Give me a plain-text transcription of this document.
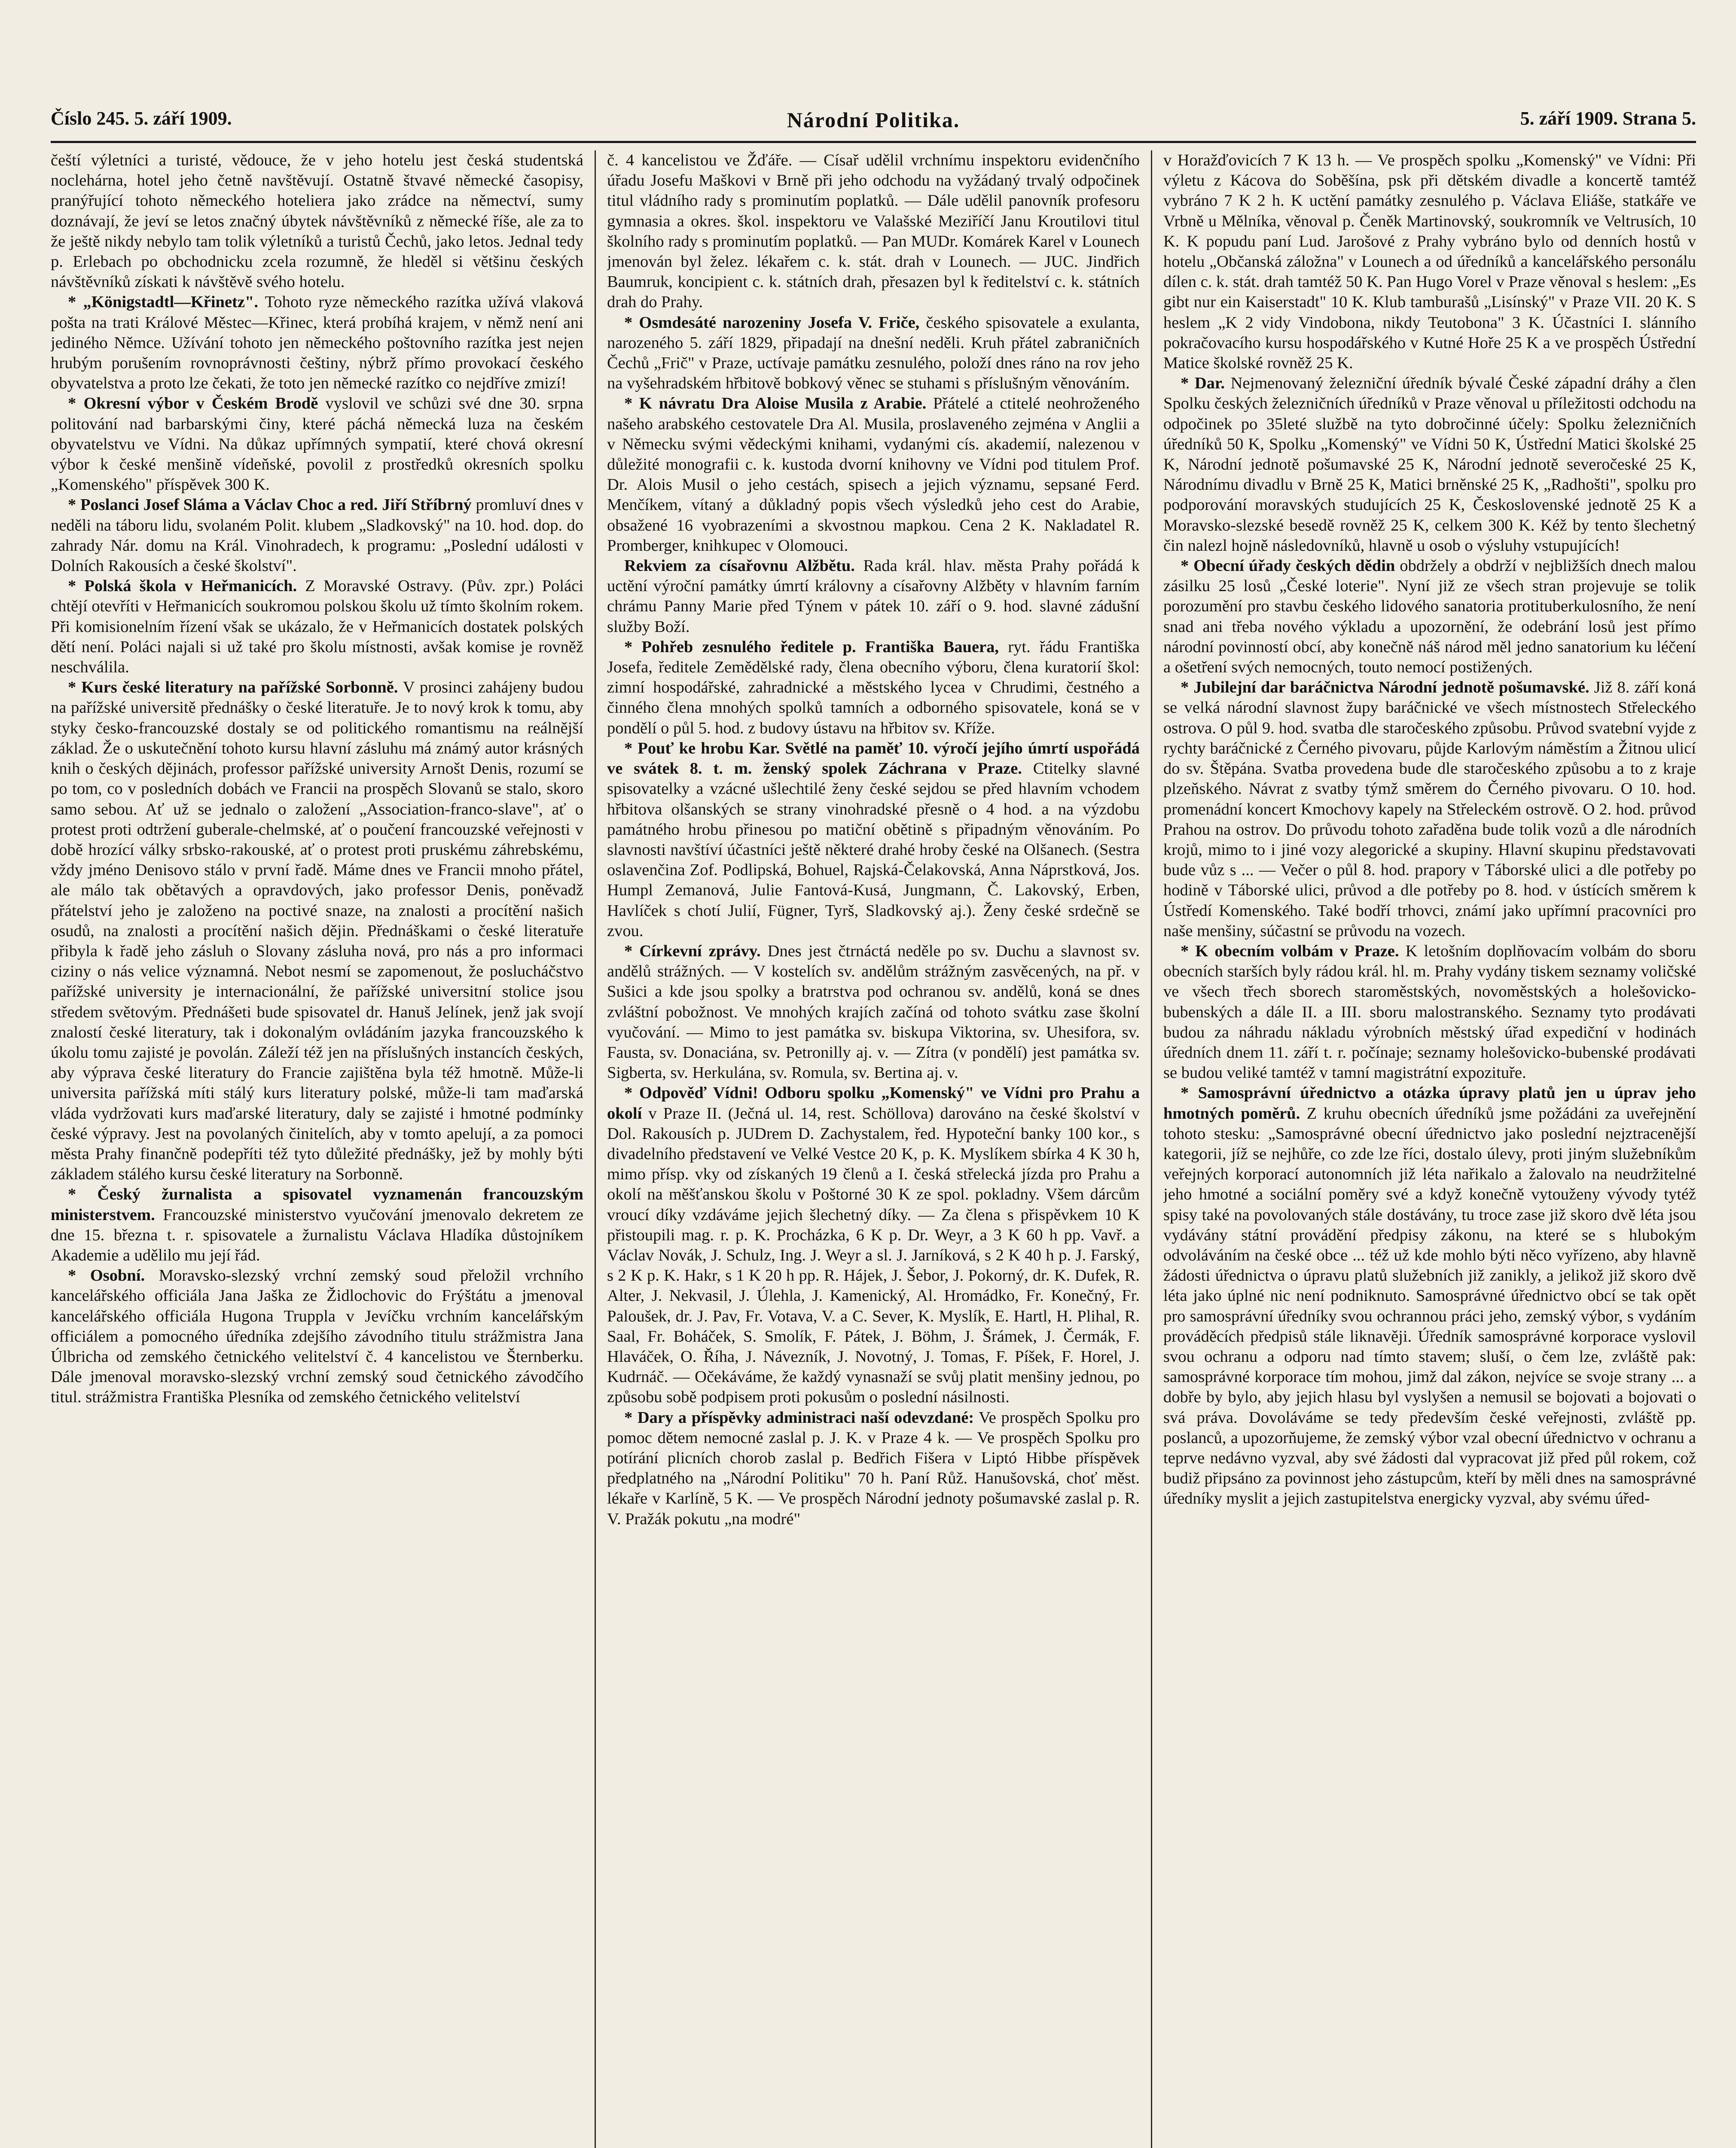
Číslo 245. 5. září 1909.	Národní Politika.	5. září 1909. Strana 5.

čeští výletníci a turisté, vědouce, že v jeho hotelu jest česká studentská noclehárna, hotel jeho četně navštěvují. Ostatně štvavé německé časopisy, pranýřující tohoto německého hoteliera jako zrádce na němectví, sumy doznávají, že jeví se letos značný úbytek návštěvníků z německé říše, ale za to že ještě nikdy nebylo tam tolik výletníků a turistů Čechů, jako letos. Jednal tedy p. Erlebach po obchodnicku zcela rozumně, že hleděl si většinu českých návštěvníků získati k návštěvě svého hotelu.

* „Königstadtl—Křinetz". Tohoto ryze německého razítka užívá vlaková pošta na trati Králové Městec—Křinec, která probíhá krajem, v němž není ani jediného Němce. Užívání tohoto jen německého poštovního razítka jest nejen hrubým porušením rovnoprávnosti češtiny, nýbrž přímo provokací českého obyvatelstva a proto lze čekati, že toto jen německé razítko co nejdříve zmizí!

* Okresní výbor v Českém Brodě vyslovil ve schůzi své dne 30. srpna politování nad barbarskými činy, které páchá německá luza na českém obyvatelstvu ve Vídni. Na důkaz upřímných sympatií, které chová okresní výbor k české menšině vídeňské, povolil z prostředků okresních spolku „Komenského" příspěvek 300 K.

* Poslanci Josef Sláma a Václav Choc a red. Jiří Stříbrný promluví dnes v neděli na táboru lidu, svolaném Polit. klubem „Sladkovský" na 10. hod. dop. do zahrady Nár. domu na Král. Vinohradech, k programu: „Poslední události v Dolních Rakousích a české školství".

* Polská škola v Heřmanicích. Z Moravské Ostravy. (Pův. zpr.) Poláci chtějí otevříti v Heřmanicích soukromou polskou školu už tímto školním rokem. Při komisionelním řízení však se ukázalo, že v Heřmanicích dostatek polských dětí není. Poláci najali si už také pro školu místnosti, avšak komise je rovněž neschválila.

* Kurs české literatury na pařížské Sorbonně. V prosinci zahájeny budou na pařížské universitě přednášky o české literatuře. Je to nový krok k tomu, aby styky česko-francouzské dostaly se od politického romantismu na reálnější základ. Že o uskutečnění tohoto kursu hlavní zásluhu má známý autor krásných knih o českých dějinách, professor pařížské university Arnošt Denis, rozumí se po tom, co v posledních dobách ve Francii na prospěch Slovanů se stalo, skoro samo sebou. Ať už se jednalo o založení „Association-franco-slave", ať o protest proti odtržení guberale-chelmské, ať o poučení francouzské veřejnosti v době hrozící války srbsko-rakouské, ať o protest proti pruskému záhrebskému, vždy jméno Denisovo stálo v první řadě. Máme dnes ve Francii mnoho přátel, ale málo tak obětavých a opravdových, jako professor Denis, poněvadž přátelství jeho je založeno na poctivé snaze, na znalosti a procítění našich osudů, na znalosti a procítění našich dějin. Přednáškami o české literatuře přibyla k řadě jeho zásluh o Slovany zásluha nová, pro nás a pro informaci ciziny o nás velice významná. Nebot nesmí se zapomenout, že poslucháčstvo pařížské university je internacionální, že pařížské universitní stolice jsou středem světovým. Přednášeti bude spisovatel dr. Hanuš Jelínek, jenž jak svojí znalostí české literatury, tak i dokonalým ovládáním jazyka francouzského k úkolu tomu zajisté je povolán. Záleží též jen na příslušných instancích českých, aby výprava české literatury do Francie zajištěna byla též hmotně. Může-li universita pařížská míti stálý kurs literatury polské, může-li tam maďarská vláda vydržovati kurs maďarské literatury, daly se zajisté i hmotné podmínky české výpravy. Jest na povolaných činitelích, aby v tomto apelují, a za pomoci města Prahy finančně podepříti též tyto důležité přednášky, jež by mohly býti základem stálého kursu české literatury na Sorbonně.

* Český žurnalista a spisovatel vyznamenán francouzským ministerstvem. Francouzské ministerstvo vyučování jmenovalo dekretem ze dne 15. března t. r. spisovatele a žurnalistu Václava Hladíka důstojníkem Akademie a udělilo mu její řád.

* Osobní. Moravsko-slezský vrchní zemský soud přeložil vrchního kancelářského officiála Jana Jaška ze Židlochovic do Frýštátu a jmenoval kancelářského officiála Hugona Truppla v Jevíčku vrchním kancelářským officiálem a pomocného úředníka zdejšího závodního titulu strážmistra Jana Úlbricha od zemského četnického velitelství č. 4 kancelistou ve Šternberku. Dále jmenoval moravsko-slezský vrchní zemský soud četnického závodčího titul. strážmistra Františka Plesníka od zemského četnického velitelství

č. 4 kancelistou ve Žďáře. — Císař udělil vrchnímu inspektoru evidenčního úřadu Josefu Maškovi v Brně při jeho odchodu na vyžádaný trvalý odpočinek titul vládního rady s prominutím poplatků. — Dále udělil panovník profesoru gymnasia a okres. škol. inspektoru ve Valašské Meziříčí Janu Kroutilovi titul školního rady s prominutím poplatků. — Pan MUDr. Komárek Karel v Lounech jmenován byl želez. lékařem c. k. stát. drah v Lounech. — JUC. Jindřich Baumruk, koncipient c. k. státních drah, přesazen byl k ředitelství c. k. státních drah do Prahy.

* Osmdesáté narozeniny Josefa V. Friče, českého spisovatele a exulanta, narozeného 5. září 1829, připadají na dnešní neděli. Kruh přátel zabraničních Čechů „Frič" v Praze, uctívaje památku zesnulého, položí dnes ráno na rov jeho na vyšehradském hřbitově bobkový věnec se stuhami s příslušným věnováním.

* K návratu Dra Aloise Musila z Arabie. Přátelé a ctitelé neohroženého našeho arabského cestovatele Dra Al. Musila, proslaveného zejména v Anglii a v Německu svými vědeckými knihami, vydanými cís. akademií, nalezenou v důležité monografii c. k. kustoda dvorní knihovny ve Vídni pod titulem Prof. Dr. Alois Musil o jeho cestách, spisech a jejich významu, sepsané Ferd. Menčíkem, vítaný a důkladný popis všech výsledků jeho cest do Arabie, obsažené 16 vyobrazeními a skvostnou mapkou. Cena 2 K. Nakladatel R. Promberger, knihkupec v Olomouci.

Rekviem za císařovnu Alžbětu. Rada král. hlav. města Prahy pořádá k uctění výroční památky úmrtí královny a císařovny Alžběty v hlavním farním chrámu Panny Marie před Týnem v pátek 10. září o 9. hod. slavné zádušní služby Boží.

* Pohřeb zesnulého ředitele p. Františka Bauera, ryt. řádu Františka Josefa, ředitele Zemědělské rady, člena obecního výboru, člena kuratorií škol: zimní hospodářské, zahradnické a městského lycea v Chrudimi, čestného a činného člena mnohých spolků tamních a odborného spisovatele, koná se v pondělí o půl 5. hod. z budovy ústavu na hřbitov sv. Kříže.

* Pouť ke hrobu Kar. Světlé na paměť 10. výročí jejího úmrtí uspořádá ve svátek 8. t. m. ženský spolek Záchrana v Praze. Ctitelky slavné spisovatelky a vzácné ušlechtilé ženy české sejdou se před hlavním vchodem hřbitova olšanských se strany vinohradské přesně o 4 hod. a na výzdobu památného hrobu přinesou po matiční obětině s připadným věnováním. Po slavnosti navštíví účastníci ještě některé drahé hroby české na Olšanech. (Sestra oslavenčina Zof. Podlipská, Bohuel, Rajská-Čelakovská, Anna Náprstková, Jos. Humpl Zemanová, Julie Fantová-Kusá, Jungmann, Č. Lakovský, Erben, Havlíček s chotí Julií, Fügner, Tyrš, Sladkovský aj.). Ženy české srdečně se zvou.

* Církevní zprávy. Dnes jest čtrnáctá neděle po sv. Duchu a slavnost sv. andělů strážných. — V kostelích sv. andělům strážným zasvěcených, na př. v Sušici a kde jsou spolky a bratrstva pod ochranou sv. andělů, koná se dnes zvláštní pobožnost. Ve mnohých krajích začíná od tohoto svátku zase školní vyučování. — Mimo to jest památka sv. biskupa Viktorina, sv. Uhesifora, sv. Fausta, sv. Donaciána, sv. Petronilly aj. v. — Zítra (v pondělí) jest památka sv. Sigberta, sv. Herkulána, sv. Romula, sv. Bertina aj. v.

* Odpověď Vídni! Odboru spolku „Komenský" ve Vídni pro Prahu a okolí v Praze II. (Ječná ul. 14, rest. Schöllova) darováno na české školství v Dol. Rakousích p. JUDrem D. Zachystalem, řed. Hypoteční banky 100 kor., s divadelního představení ve Velké Vestce 20 K, p. K. Myslíkem sbírka 4 K 30 h, mimo přísp. vky od získaných 19 členů a I. česká střelecká jízda pro Prahu a okolí na měšťanskou školu v Poštorné 30 K ze spol. pokladny. Všem dárcům vroucí díky vzdáváme jejich šlechetný díky. — Za člena s přispěvkem 10 K přistoupili mag. r. p. K. Procházka, 6 K p. Dr. Weyr, a 3 K 60 h pp. Vavř. a Václav Novák, J. Schulz, Ing. J. Weyr a sl. J. Jarníková, s 2 K 40 h p. J. Farský, s 2 K p. K. Hakr, s 1 K 20 h pp. R. Hájek, J. Šebor, J. Pokorný, dr. K. Dufek, R. Alter, J. Nekvasil, J. Úlehla, J. Kamenický, Al. Hromádko, Fr. Konečný, Fr. Paloušek, dr. J. Pav, Fr. Votava, V. a C. Sever, K. Myslík, E. Hartl, H. Plihal, R. Saal, Fr. Boháček, S. Smolík, F. Pátek, J. Böhm, J. Šrámek, J. Čermák, F. Hlaváček, O. Říha, J. Návezník, J. Novotný, J. Tomas, F. Píšek, F. Horel, J. Kudrnáč. — Očekáváme, že každý vynasnaží se svůj platit menšiny jednou, po způsobu sobě podpisem proti pokusům o poslední násilnosti.

* Dary a příspěvky administraci naší odevzdané: Ve prospěch Spolku pro pomoc dětem nemocné zaslal p. J. K. v Praze 4 k. — Ve prospěch Spolku pro potírání plicních chorob zaslal p. Bedřich Fišera v Liptó Hibbe příspěvek předplatného na „Národní Politiku" 70 h. Paní Růž. Hanušovská, choť měst. lékaře v Karlíně, 5 K. — Ve prospěch Národní jednoty pošumavské zaslal p. R. V. Pražák pokutu „na modré"

v Horažďovicích 7 K 13 h. — Ve prospěch spolku „Komenský" ve Vídni: Při výletu z Kácova do Soběšína, psk při dětském divadle a koncertě tamtéž vybráno 7 K 2 h. K uctění památky zesnulého p. Václava Eliáše, statkáře ve Vrbně u Mělníka, věnoval p. Čeněk Martinovský, soukromník ve Veltrusích, 10 K. K popudu paní Lud. Jarošové z Prahy vybráno bylo od denních hostů v hotelu „Občanská záložna" v Lounech a od úředníků a kancelářského personálu dílen c. k. stát. drah tamtéž 50 K. Pan Hugo Vorel v Praze věnoval s heslem: „Es gibt nur ein Kaiserstadt" 10 K. Klub tamburašů „Lisínský" v Praze VII. 20 K. S heslem „K 2 vidy Vindobona, nikdy Teutobona" 3 K. Účastníci I. slánního pokračovacího kursu hospodářského v Kutné Hoře 25 K a ve prospěch Ústřední Matice školské rovněž 25 K.

* Dar. Nejmenovaný železniční úředník bývalé České západní dráhy a člen Spolku českých železničních úředníků v Praze věnoval u příležitosti odchodu na odpočinek po 35leté službě na tyto dobročinné účely: Spolku železničních úředníků 50 K, Spolku „Komenský" ve Vídni 50 K, Ústřední Matici školské 25 K, Národní jednotě pošumavské 25 K, Národní jednotě severočeské 25 K, Národnímu divadlu v Brně 25 K, Matici brněnské 25 K, „Radhošti", spolku pro podporování moravských studujících 25 K, Československé jednotě 25 K a Moravsko-slezské besedě rovněž 25 K, celkem 300 K. Kéž by tento šlechetný čin nalezl hojně následovníků, hlavně u osob o výsluhy vstupujících!

* Obecní úřady českých dědin obdržely a obdrží v nejbližších dnech malou zásilku 25 losů „České loterie". Nyní již ze všech stran projevuje se tolik porozumění pro stavbu českého lidového sanatoria protituberkulosního, že není snad ani třeba nového výkladu a upozornění, že odebrání losů jest přímo národní povinností obcí, aby konečně náš národ měl jedno sanatorium ku léčení a ošetření svých nemocných, touto nemocí postižených.

* Jubilejní dar baráčnictva Národní jednotě pošumavské. Již 8. září koná se velká národní slavnost župy baráčnické ve všech místnostech Střeleckého ostrova. O půl 9. hod. svatba dle staročeského způsobu. Průvod svatební vyjde z rychty baráčnické z Černého pivovaru, půjde Karlovým náměstím a Žitnou ulicí do sv. Štěpána. Svatba provedena bude dle staročeského způsobu a to z kraje plzeňského. Návrat z svatby týmž směrem do Černého pivovaru. O 10. hod. promenádní koncert Kmochovy kapely na Střeleckém ostrově. O 2. hod. průvod Prahou na ostrov. Do průvodu tohoto zařaděna bude tolik vozů a dle národních krojů, mimo to i jiné vozy alegorické a skupiny. Hlavní skupinu představovati bude vůz s ... — Večer o půl 8. hod. prapory v Táborské ulici a dle potřeby po hodině v Táborské ulici, průvod a dle potřeby po 8. hod. v ústících směrem k Ústředí Komenského. Také bodří trhovci, známí jako upřímní pracovníci pro naše menšiny, súčastní se průvodu na vozech.

* K obecním volbám v Praze. K letošním doplňovacím volbám do sboru obecních starších byly rádou král. hl. m. Prahy vydány tiskem seznamy voličské ve všech třech sborech staroměstských, novoměstských a holešovicko-bubenských a dále II. a III. sboru malostranského. Seznamy tyto prodávati budou za náhradu nákladu výrobních městský úřad expediční v hodinách úředních dnem 11. září t. r. počínaje; seznamy holešovicko-bubenské prodávati se budou veliké tamtéž v tamní magistrátní expozituře.

* Samosprávní úřednictvo a otázka úpravy platů jen u úprav jeho hmotných poměrů. Z kruhu obecních úředníků jsme požádáni za uveřejnění tohoto stesku: „Samosprávné obecní úřednictvo jako poslední nejztracenější kategorii, jíž se nejhůře, co zde lze říci, dostalo úlevy, proti jiným služebníkům veřejných korporací autonomních již léta nařikalo a žalovalo na neudržitelné jeho hmotné a sociální poměry své a když konečně vytouženy vývody tytéž spisy také na povolovaných stále dostávány, tu troce zase již skoro dvě léta jsou vydávány státní provádění předpisy zákonu, na které se s hlubokým odvoláváním na české obce ... též už kde mohlo býti něco vyřízeno, aby hlavně žádosti úřednictva o úpravu platů služebních již zanikly, a jelikož již skoro dvě léta jako úplné nic není podniknuto. Samosprávné úřednictvo obcí se tak opět pro samosprávní úředníky svou ochrannou práci jeho, zemský výbor, s vydáním prováděcích předpisů stále liknavěji. Úředník samosprávné korporace vyslovil svou ochranu a odporu nad tímto stavem; sluší, o čem lze, zvláště pak: samosprávné korporace tím mohou, jimž dal zákon, nejvíce se svoje strany ... a dobře by bylo, aby jejich hlasu byl vyslyšen a nemusil se bojovati a bojovati o svá práva. Dovoláváme se tedy především české veřejnosti, zvláště pp. poslanců, a upozorňujeme, že zemský výbor vzal obecní úřednictvo v ochranu a teprve nedávno vyzval, aby své žádosti dal vypracovat již před půl rokem, což budiž připsáno za povinnost jeho zástupcům, kteří by měli dnes na samosprávné úředníky myslit a jejich zastupitelstva energicky vyzval, aby svému úřed-
